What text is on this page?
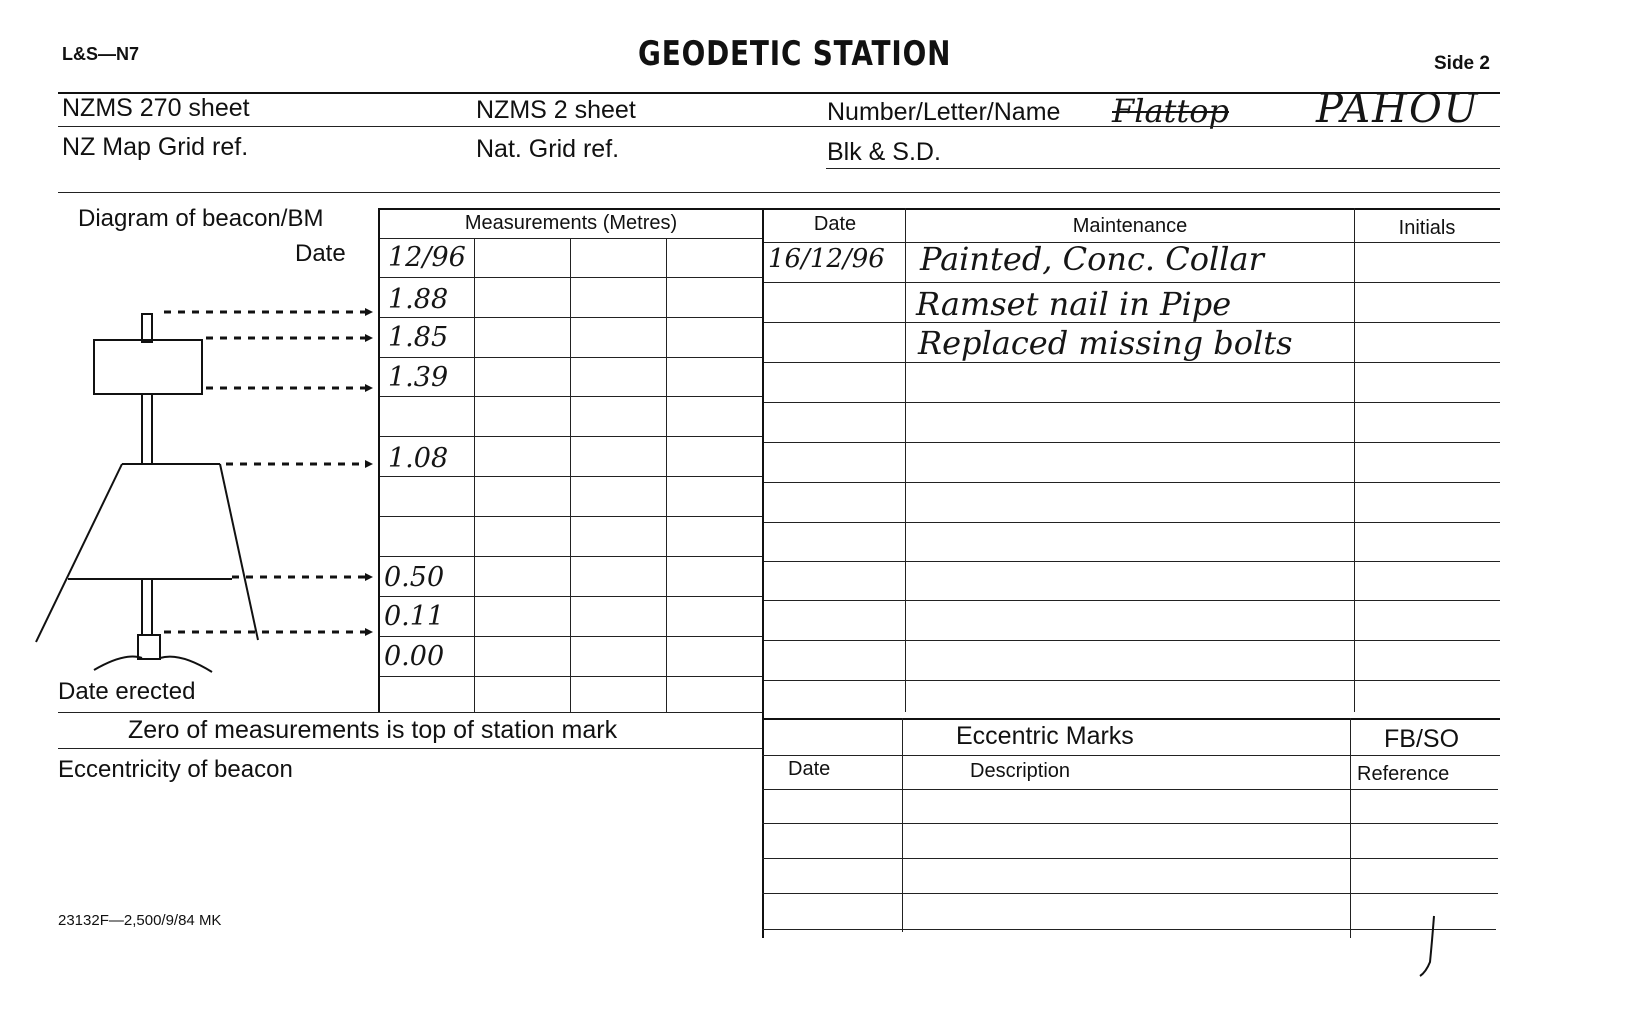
L&S—N7	GEODETIC STATION	Side 2
NZMS 270 sheet	NZMS 2 sheet	Number/Letter/Name Flattop PAHOU
NZ Map Grid ref.	Nat. Grid ref.	Blk & S.D.
Diagram of beacon/BM
Date
Date erected
Measurements (Metres)
12/96
1.88
1.85
1.39
1.08
0.50
0.11
0.00
Date	Maintenance	Initials
16/12/96 Painted, Conc. Collar
Ramset nail in Pipe
Replaced missing bolts
Zero of measurements is top of station mark
Eccentricity of beacon
23132F—2,500/9/84 MK
Eccentric Marks	FB/SO
Date	Description	Reference
